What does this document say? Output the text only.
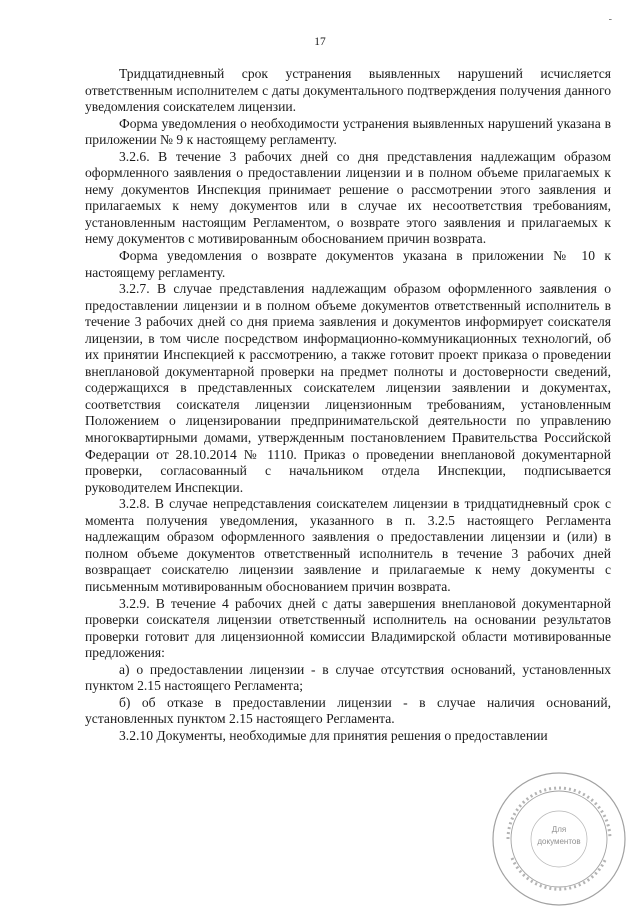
-
17

Тридцатидневный срок устранения выявленных нарушений исчисляется ответственным исполнителем с даты документального подтверждения получения данного уведомления соискателем лицензии.

Форма уведомления о необходимости устранения выявленных нарушений указана в приложении № 9 к настоящему регламенту.

3.2.6. В течение 3 рабочих дней со дня представления надлежащим образом оформленного заявления о предоставлении лицензии и в полном объеме прилагаемых к нему документов Инспекция принимает решение о рассмотрении этого заявления и прилагаемых к нему документов или в случае их несоответствия требованиям, установленным настоящим Регламентом, о возврате этого заявления и прилагаемых к нему документов с мотивированным обоснованием причин возврата.

Форма уведомления о возврате документов указана в приложении № 10 к настоящему регламенту.

3.2.7. В случае представления надлежащим образом оформленного заявления о предоставлении лицензии и в полном объеме документов ответственный исполнитель в течение 3 рабочих дней со дня приема заявления и документов информирует соискателя лицензии, в том числе посредством информационно-коммуникационных технологий, об их принятии Инспекцией к рассмотрению, а также готовит проект приказа о проведении внеплановой документарной проверки на предмет полноты и достоверности сведений, содержащихся в представленных соискателем лицензии заявлении и документах, соответствия соискателя лицензии лицензионным требованиям, установленным Положением о лицензировании предпринимательской деятельности по управлению многоквартирными домами, утвержденным постановлением Правительства Российской Федерации от 28.10.2014 № 1110. Приказ о проведении внеплановой документарной проверки, согласованный с начальником отдела Инспекции, подписывается руководителем Инспекции.

3.2.8. В случае непредставления соискателем лицензии в тридцатидневный срок с момента получения уведомления, указанного в п. 3.2.5 настоящего Регламента надлежащим образом оформленного заявления о предоставлении лицензии и (или) в полном объеме документов ответственный исполнитель в течение 3 рабочих дней возвращает соискателю лицензии заявление и прилагаемые к нему документы с письменным мотивированным обоснованием причин возврата.

3.2.9. В течение 4 рабочих дней с даты завершения внеплановой документарной проверки соискателя лицензии ответственный исполнитель на основании результатов проверки готовит для лицензионной комиссии Владимирской области мотивированные предложения:

а) о предоставлении лицензии - в случае отсутствия оснований, установленных пунктом 2.15 настоящего Регламента;

б) об отказе в предоставлении лицензии - в случае наличия оснований, установленных пунктом 2.15 настоящего Регламента.

3.2.10 Документы, необходимые для принятия решения о предоставлении

Для
документов
